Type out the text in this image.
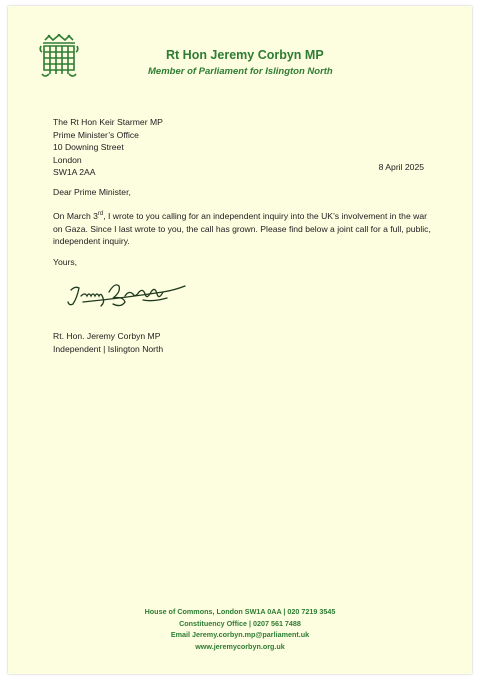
Rt Hon Jeremy Corbyn MP
Member of Parliament for Islington North
The Rt Hon Keir Starmer MP
Prime Minister’s Office
10 Downing Street
London
SW1A 2AA	8 April 2025
Dear Prime Minister,
On March 3rd, I wrote to you calling for an independent inquiry into the UK’s involvement in the war on Gaza. Since I last wrote to you, the call has grown. Please find below a joint call for a full, public, independent inquiry.
Yours,
Rt. Hon. Jeremy Corbyn MP
Independent | Islington North
House of Commons, London SW1A 0AA | 020 7219 3545
Constituency Office | 0207 561 7488
Email Jeremy.corbyn.mp@parliament.uk
www.jeremycorbyn.org.uk
